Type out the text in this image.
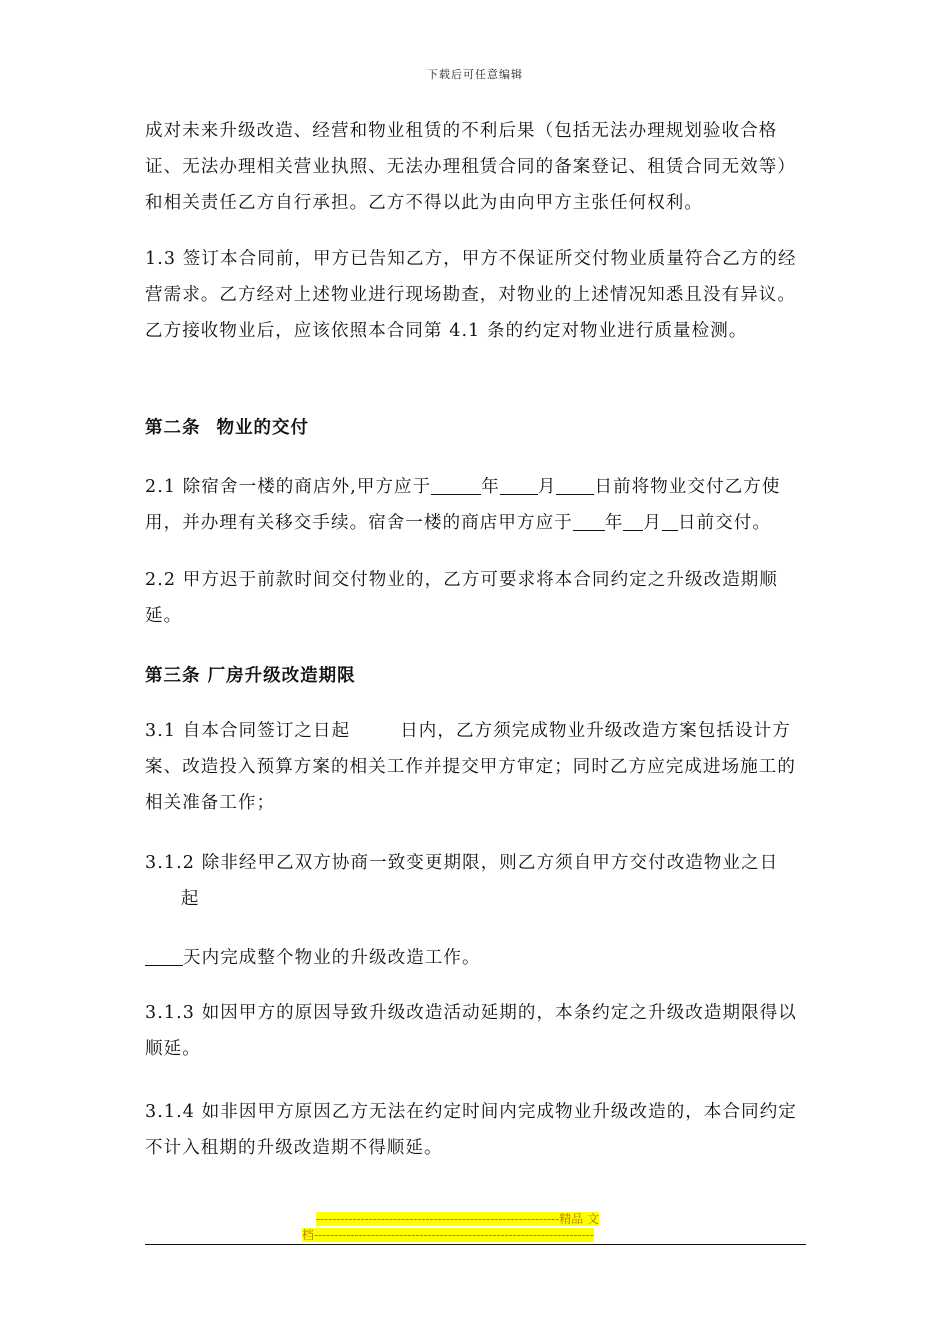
下载后可任意编辑

成对未来升级改造、经营和物业租赁的不利后果（包括无法办理规划验收合格证、无法办理相关营业执照、无法办理租赁合同的备案登记、租赁合同无效等）和相关责任乙方自行承担。乙方不得以此为由向甲方主张任何权利。

1.3 签订本合同前，甲方已告知乙方，甲方不保证所交付物业质量符合乙方的经营需求。乙方经对上述物业进行现场勘查，对物业的上述情况知悉且没有异议。乙方接收物业后，应该依照本合同第 4.1 条的约定对物业进行质量检测。

第二条 物业的交付

2.1 除宿舍一楼的商店外,甲方应于	年 月 日前将物业交付乙方使用，并办理有关移交手续。宿舍一楼的商店甲方应于 年 月 日前交付。

2.2 甲方迟于前款时间交付物业的，乙方可要求将本合同约定之升级改造期顺延。

第三条 厂房升级改造期限

3.1 自本合同签订之日起	日内，乙方须完成物业升级改造方案包括设计方案、改造投入预算方案的相关工作并提交甲方审定；同时乙方应完成进场施工的相关准备工作；

3.1.2 除非经甲乙双方协商一致变更期限，则乙方须自甲方交付改造物业之日
起

天内完成整个物业的升级改造工作。

3.1.3 如因甲方的原因导致升级改造活动延期的，本条约定之升级改造期限得以顺延。

3.1.4 如非因甲方原因乙方无法在约定时间内完成物业升级改造的，本合同约定不计入租期的升级改造期不得顺延。

------------------------------------------------------------精品 文
档---------------------------------------------------------------------
